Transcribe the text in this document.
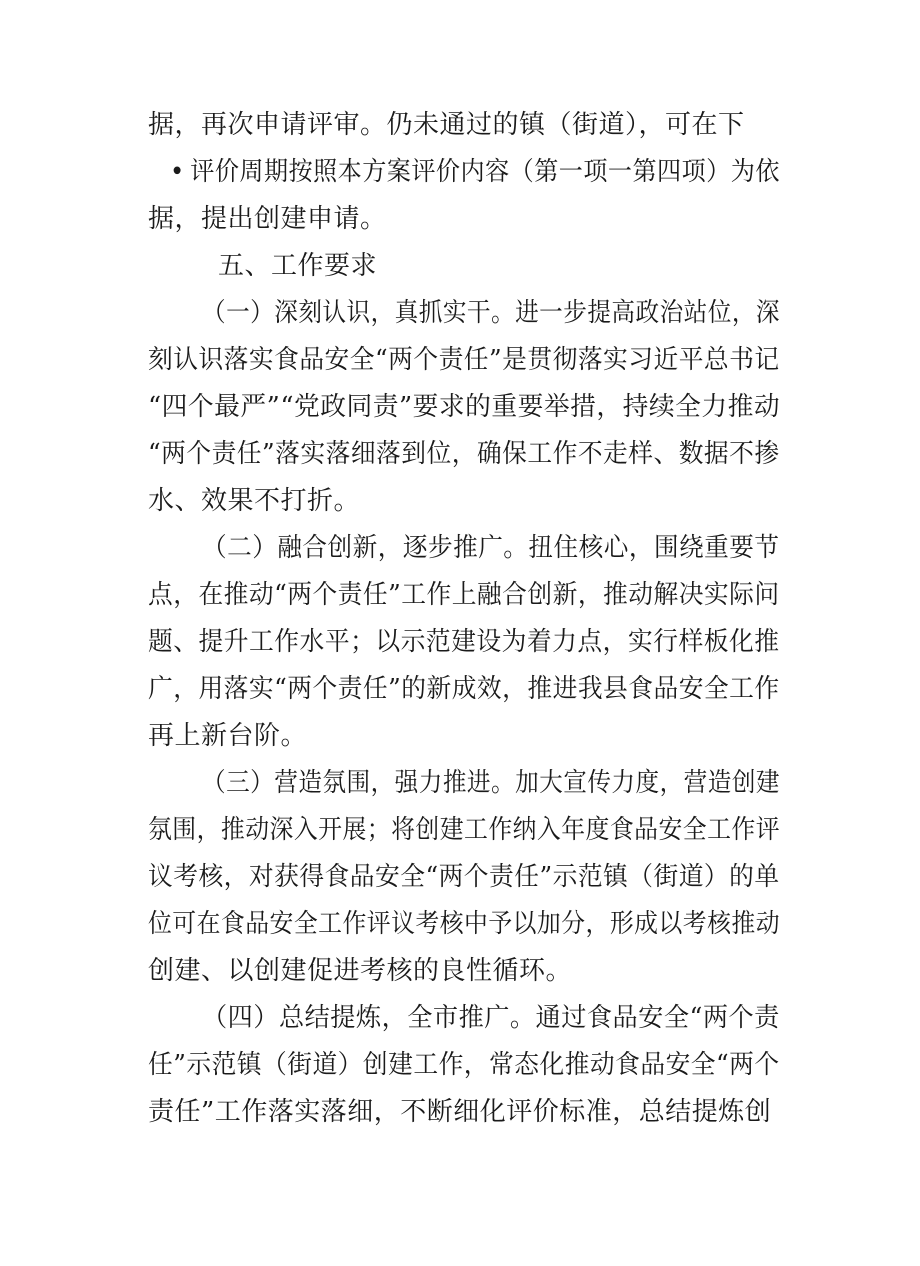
据，再次申请评审。仍未通过的镇（街道），可在下
• 评价周期按照本方案评价内容（第一项一第四项）为依
据，提出创建申请。
五、工作要求
（一）深刻认识，真抓实干。进一步提高政治站位，深
刻认识落实食品安全“两个责任”是贯彻落实习近平总书记
“四个最严”“党政同责”要求的重要举措，持续全力推动
“两个责任”落实落细落到位，确保工作不走样、数据不掺
水、效果不打折。
（二）融合创新，逐步推广。扭住核心，围绕重要节
点，在推动“两个责任”工作上融合创新，推动解决实际问
题、提升工作水平；以示范建设为着力点，实行样板化推
广，用落实“两个责任”的新成效，推进我县食品安全工作
再上新台阶。
（三）营造氛围，强力推进。加大宣传力度，营造创建
氛围，推动深入开展；将创建工作纳入年度食品安全工作评
议考核，对获得食品安全“两个责任”示范镇（街道）的单
位可在食品安全工作评议考核中予以加分，形成以考核推动
创建、以创建促进考核的良性循环。
（四）总结提炼，全市推广。通过食品安全“两个责
任”示范镇（街道）创建工作，常态化推动食品安全“两个
责任”工作落实落细，不断细化评价标准，总结提炼创
